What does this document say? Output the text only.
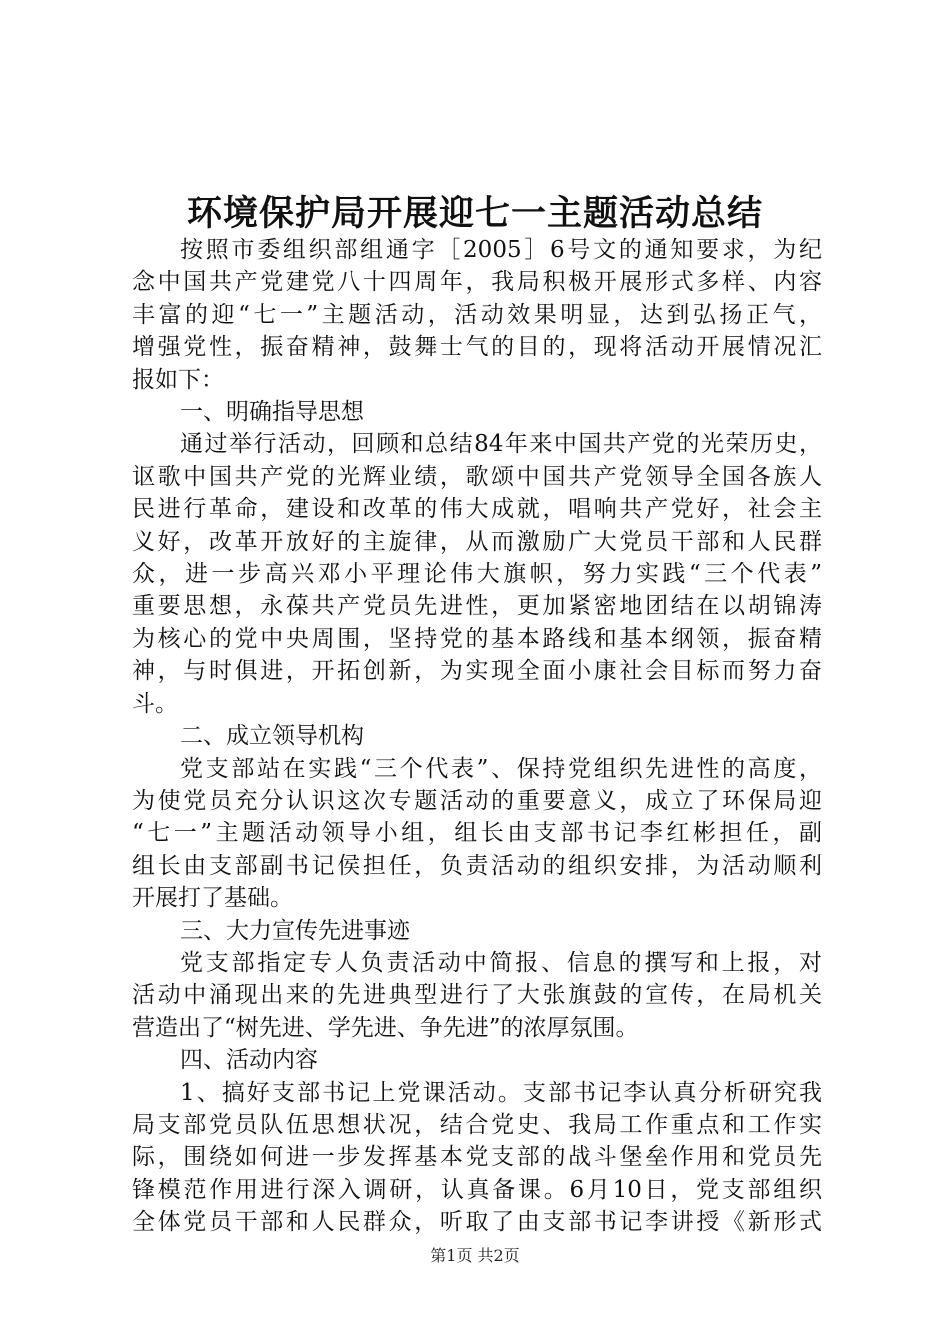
环境保护局开展迎七一主题活动总结
按照市委组织部组通字［2005］6号文的通知要求，为纪
念中国共产党建党八十四周年，我局积极开展形式多样、内容
丰富的迎“七一”主题活动，活动效果明显，达到弘扬正气，
增强党性，振奋精神，鼓舞士气的目的，现将活动开展情况汇
报如下：
一、明确指导思想
通过举行活动，回顾和总结84年来中国共产党的光荣历史，
讴歌中国共产党的光辉业绩，歌颂中国共产党领导全国各族人
民进行革命，建设和改革的伟大成就，唱响共产党好，社会主
义好，改革开放好的主旋律，从而激励广大党员干部和人民群
众，进一步高兴邓小平理论伟大旗帜，努力实践“三个代表”
重要思想，永葆共产党员先进性，更加紧密地团结在以胡锦涛
为核心的党中央周围，坚持党的基本路线和基本纲领，振奋精
神，与时俱进，开拓创新，为实现全面小康社会目标而努力奋
斗。
二、成立领导机构
党支部站在实践“三个代表”、保持党组织先进性的高度，
为使党员充分认识这次专题活动的重要意义，成立了环保局迎
“七一”主题活动领导小组，组长由支部书记李红彬担任，副
组长由支部副书记侯担任，负责活动的组织安排，为活动顺利
开展打了基础。
三、大力宣传先进事迹
党支部指定专人负责活动中简报、信息的撰写和上报，对
活动中涌现出来的先进典型进行了大张旗鼓的宣传，在局机关
营造出了“树先进、学先进、争先进”的浓厚氛围。
四、活动内容
1、搞好支部书记上党课活动。支部书记李认真分析研究我
局支部党员队伍思想状况，结合党史、我局工作重点和工作实
际，围绕如何进一步发挥基本党支部的战斗堡垒作用和党员先
锋模范作用进行深入调研，认真备课。6月10日，党支部组织
全体党员干部和人民群众，听取了由支部书记李讲授《新形式
第1页 共2页
